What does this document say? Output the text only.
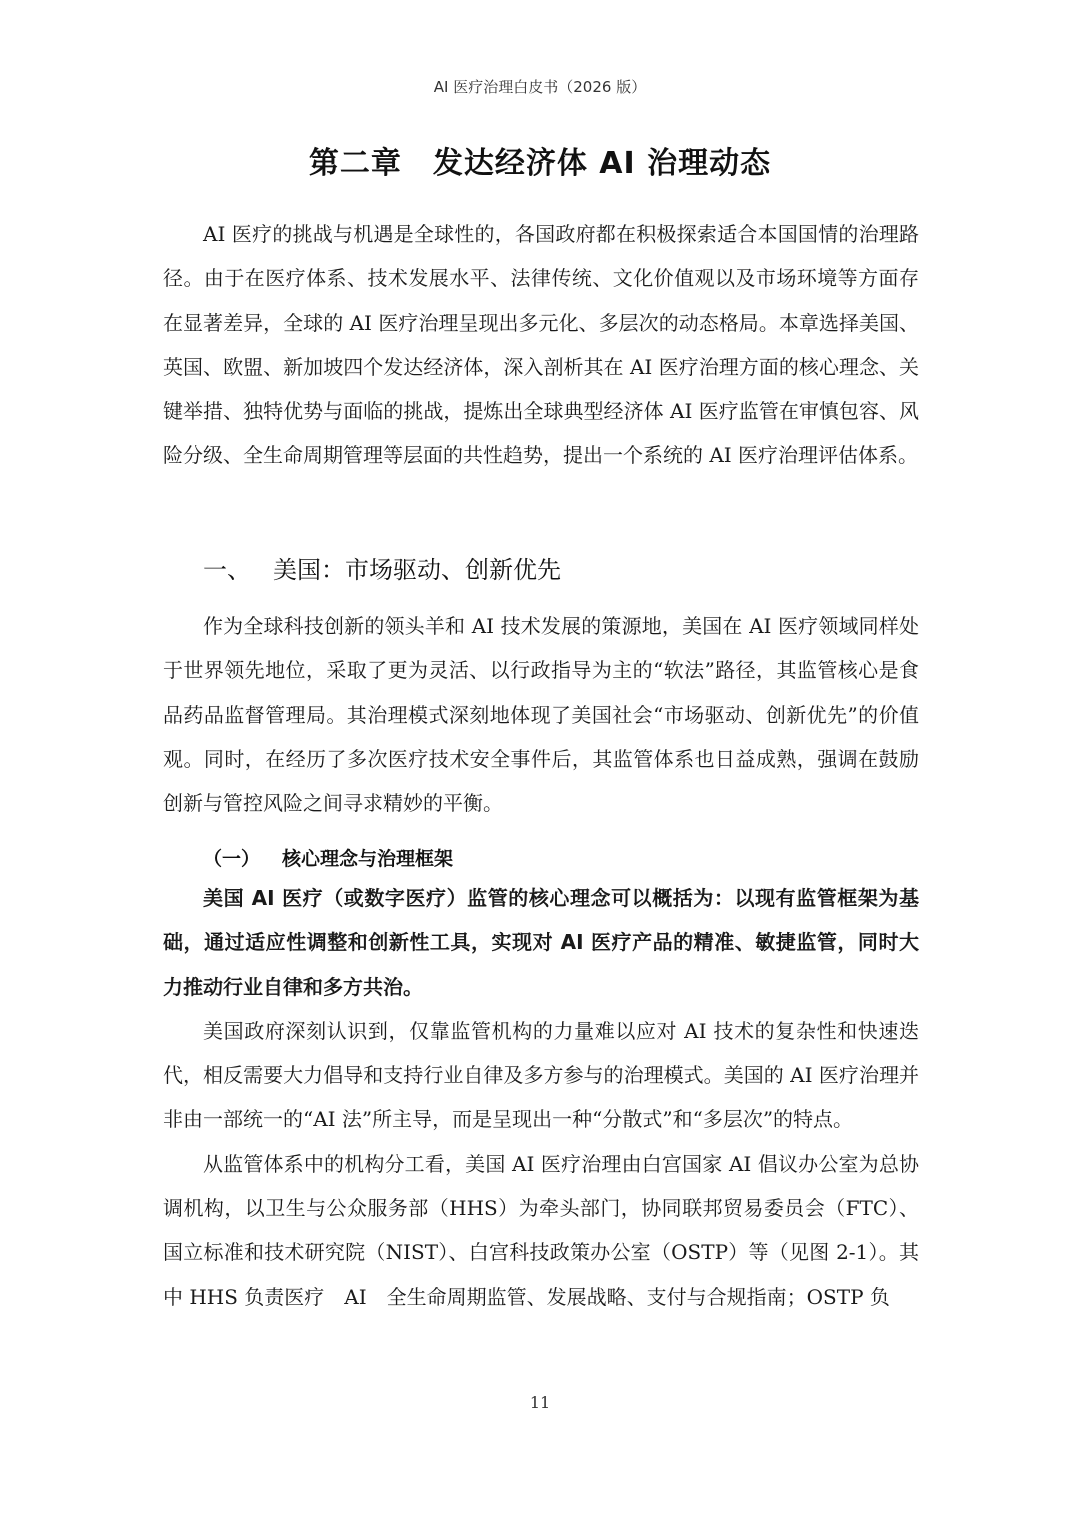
AI 医疗治理白皮书（2026 版）
第二章　发达经济体 AI 治理动态

AI 医疗的挑战与机遇是全球性的，各国政府都在积极探索适合本国国情的治理路径。由于在医疗体系、技术发展水平、法律传统、文化价值观以及市场环境等方面存在显著差异，全球的 AI 医疗治理呈现出多元化、多层次的动态格局。本章选择美国、英国、欧盟、新加坡四个发达经济体，深入剖析其在 AI 医疗治理方面的核心理念、关键举措、独特优势与面临的挑战，提炼出全球典型经济体 AI 医疗监管在审慎包容、风险分级、全生命周期管理等层面的共性趋势，提出一个系统的 AI 医疗治理评估体系。

一、 美国：市场驱动、创新优先

作为全球科技创新的领头羊和 AI 技术发展的策源地，美国在 AI 医疗领域同样处于世界领先地位，采取了更为灵活、以行政指导为主的“软法”路径，其监管核心是食品药品监督管理局。其治理模式深刻地体现了美国社会“市场驱动、创新优先”的价值观。同时，在经历了多次医疗技术安全事件后，其监管体系也日益成熟，强调在鼓励创新与管控风险之间寻求精妙的平衡。

（一） 核心理念与治理框架

美国 AI 医疗（或数字医疗）监管的核心理念可以概括为：以现有监管框架为基础，通过适应性调整和创新性工具，实现对 AI 医疗产品的精准、敏捷监管，同时大力推动行业自律和多方共治。

美国政府深刻认识到，仅靠监管机构的力量难以应对 AI 技术的复杂性和快速迭代，相反需要大力倡导和支持行业自律及多方参与的治理模式。美国的 AI 医疗治理并非由一部统一的“AI 法”所主导，而是呈现出一种“分散式”和“多层次”的特点。

从监管体系中的机构分工看，美国 AI 医疗治理由白宫国家 AI 倡议办公室为总协调机构，以卫生与公众服务部（HHS）为牵头部门，协同联邦贸易委员会（FTC）、国立标准和技术研究院（NIST）、白宫科技政策办公室（OSTP）等（见图 2-1）。其中 HHS 负责医疗　AI　全生命周期监管、发展战略、支付与合规指南；OSTP 负

11
